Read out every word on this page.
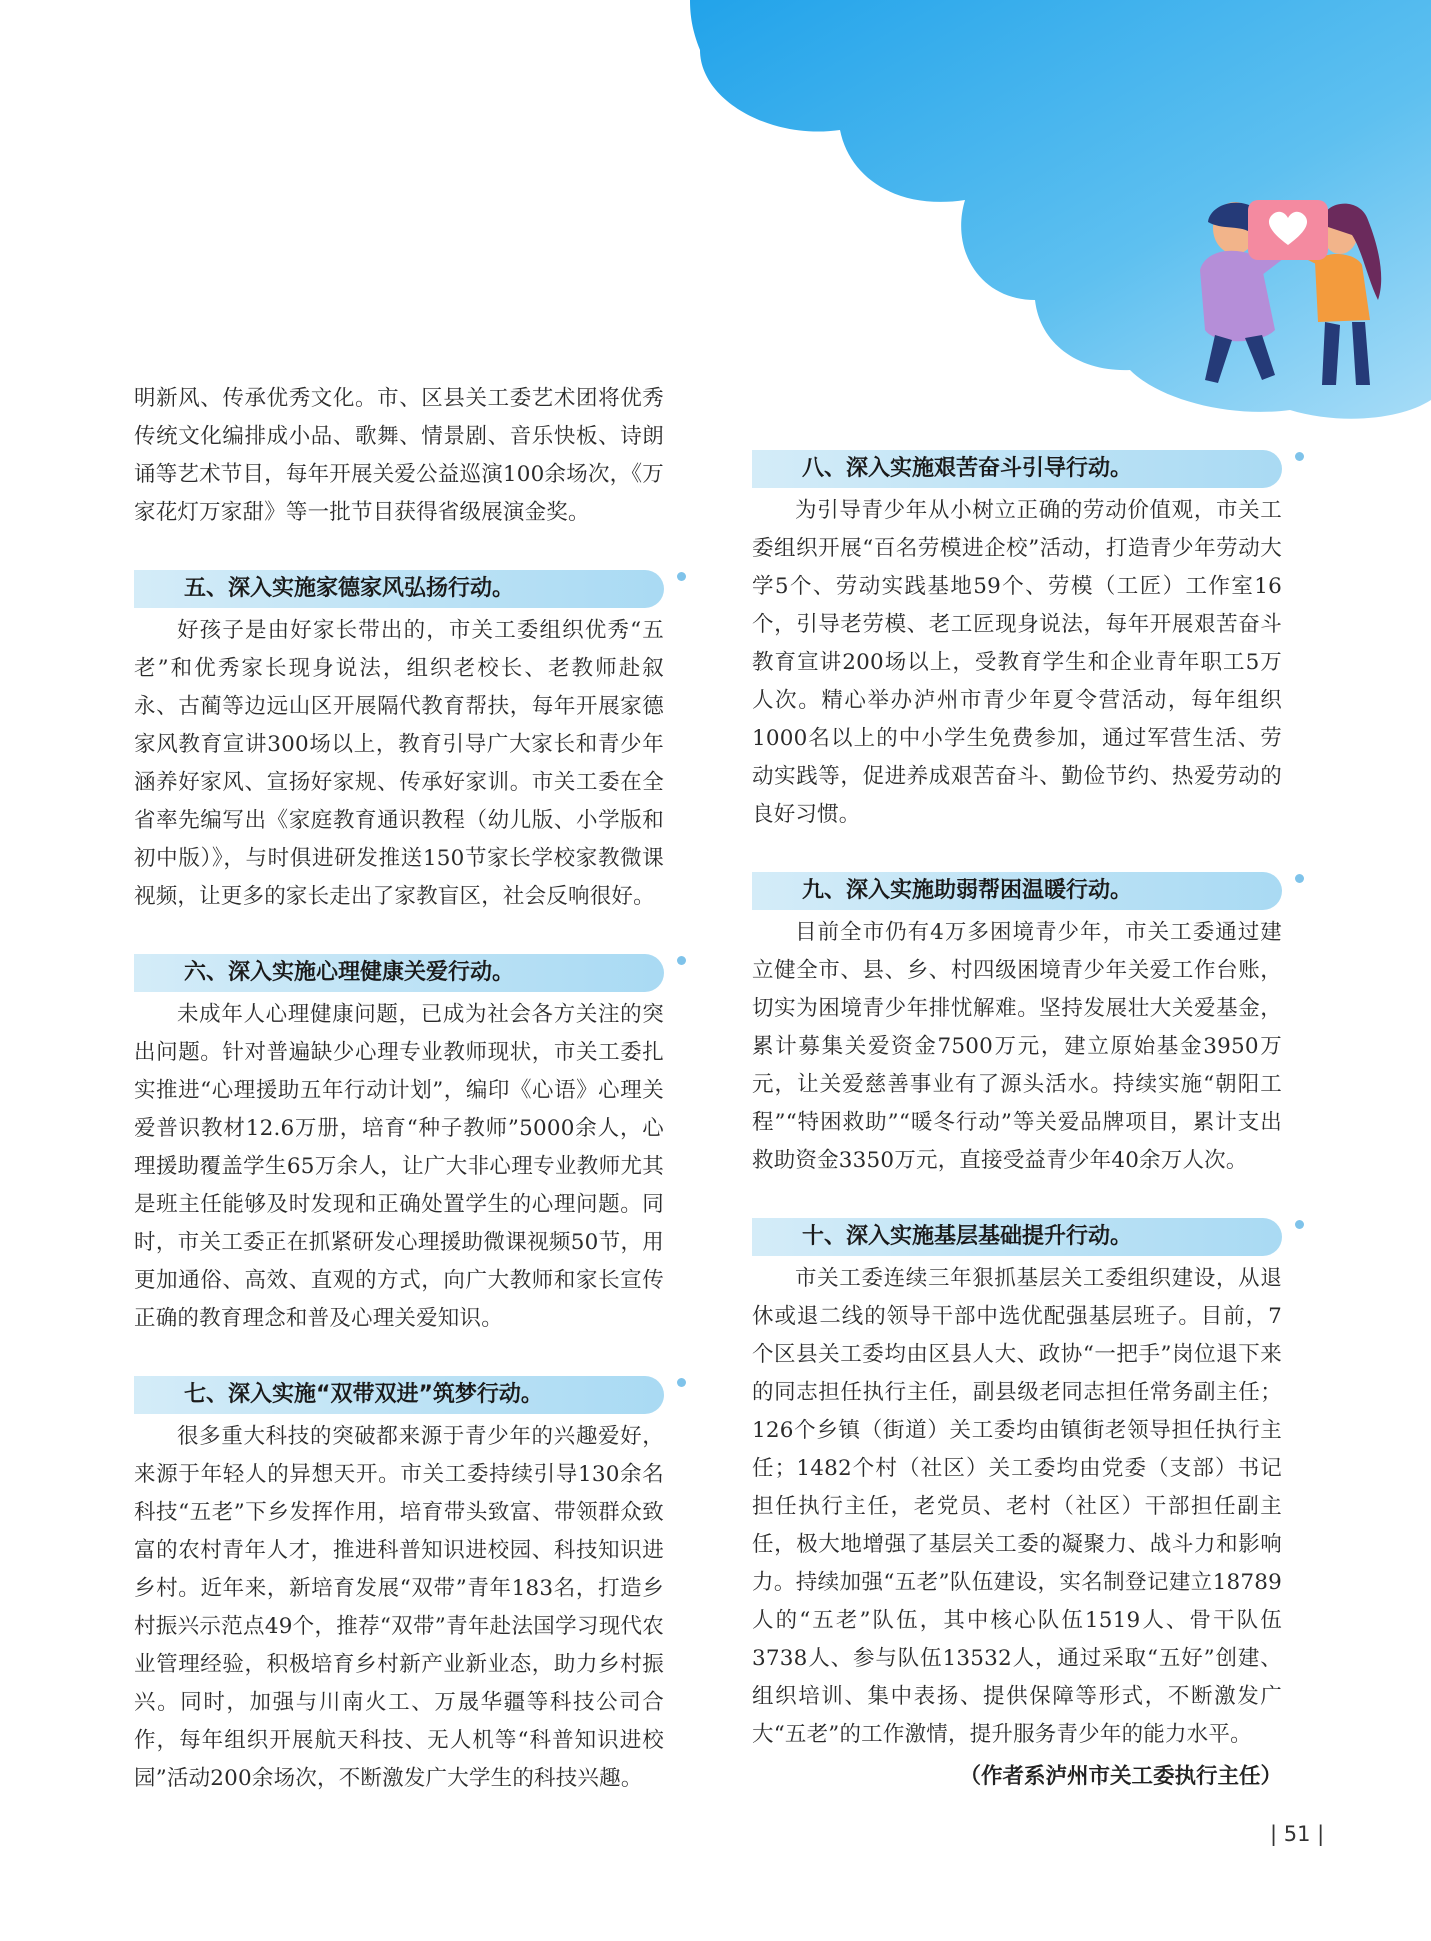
明新风、传承优秀文化。市、区县关工委艺术团将优秀传统文化编排成小品、歌舞、情景剧、音乐快板、诗朗诵等艺术节目，每年开展关爱公益巡演100余场次，《万家花灯万家甜》等一批节目获得省级展演金奖。

五、深入实施家德家风弘扬行动。

好孩子是由好家长带出的，市关工委组织优秀“五老”和优秀家长现身说法，组织老校长、老教师赴叙永、古蔺等边远山区开展隔代教育帮扶，每年开展家德家风教育宣讲300场以上，教育引导广大家长和青少年涵养好家风、宣扬好家规、传承好家训。市关工委在全省率先编写出《家庭教育通识教程（幼儿版、小学版和初中版）》，与时俱进研发推送150节家长学校家教微课视频，让更多的家长走出了家教盲区，社会反响很好。

六、深入实施心理健康关爱行动。

未成年人心理健康问题，已成为社会各方关注的突出问题。针对普遍缺少心理专业教师现状，市关工委扎实推进“心理援助五年行动计划”，编印《心语》心理关爱普识教材12.6万册，培育“种子教师”5000余人，心理援助覆盖学生65万余人，让广大非心理专业教师尤其是班主任能够及时发现和正确处置学生的心理问题。同时，市关工委正在抓紧研发心理援助微课视频50节，用更加通俗、高效、直观的方式，向广大教师和家长宣传正确的教育理念和普及心理关爱知识。

七、深入实施“双带双进”筑梦行动。

很多重大科技的突破都来源于青少年的兴趣爱好，来源于年轻人的异想天开。市关工委持续引导130余名科技“五老”下乡发挥作用，培育带头致富、带领群众致富的农村青年人才，推进科普知识进校园、科技知识进乡村。近年来，新培育发展“双带”青年183名，打造乡村振兴示范点49个，推荐“双带”青年赴法国学习现代农业管理经验，积极培育乡村新产业新业态，助力乡村振兴。同时，加强与川南火工、万晟华疆等科技公司合作，每年组织开展航天科技、无人机等“科普知识进校园”活动200余场次，不断激发广大学生的科技兴趣。

八、深入实施艰苦奋斗引导行动。

为引导青少年从小树立正确的劳动价值观，市关工委组织开展“百名劳模进企校”活动，打造青少年劳动大学5个、劳动实践基地59个、劳模（工匠）工作室16个，引导老劳模、老工匠现身说法，每年开展艰苦奋斗教育宣讲200场以上，受教育学生和企业青年职工5万人次。精心举办泸州市青少年夏令营活动，每年组织1000名以上的中小学生免费参加，通过军营生活、劳动实践等，促进养成艰苦奋斗、勤俭节约、热爱劳动的良好习惯。

九、深入实施助弱帮困温暖行动。

目前全市仍有4万多困境青少年，市关工委通过建立健全市、县、乡、村四级困境青少年关爱工作台账，切实为困境青少年排忧解难。坚持发展壮大关爱基金，累计募集关爱资金7500万元，建立原始基金3950万元，让关爱慈善事业有了源头活水。持续实施“朝阳工程”“特困救助”“暖冬行动”等关爱品牌项目，累计支出救助资金3350万元，直接受益青少年40余万人次。

十、深入实施基层基础提升行动。

市关工委连续三年狠抓基层关工委组织建设，从退休或退二线的领导干部中选优配强基层班子。目前，7个区县关工委均由区县人大、政协“一把手”岗位退下来的同志担任执行主任，副县级老同志担任常务副主任；126个乡镇（街道）关工委均由镇街老领导担任执行主任；1482个村（社区）关工委均由党委（支部）书记担任执行主任，老党员、老村（社区）干部担任副主任，极大地增强了基层关工委的凝聚力、战斗力和影响力。持续加强“五老”队伍建设，实名制登记建立18789人的“五老”队伍，其中核心队伍1519人、骨干队伍3738人、参与队伍13532人，通过采取“五好”创建、组织培训、集中表扬、提供保障等形式，不断激发广大“五老”的工作激情，提升服务青少年的能力水平。

（作者系泸州市关工委执行主任）

| 51 |
